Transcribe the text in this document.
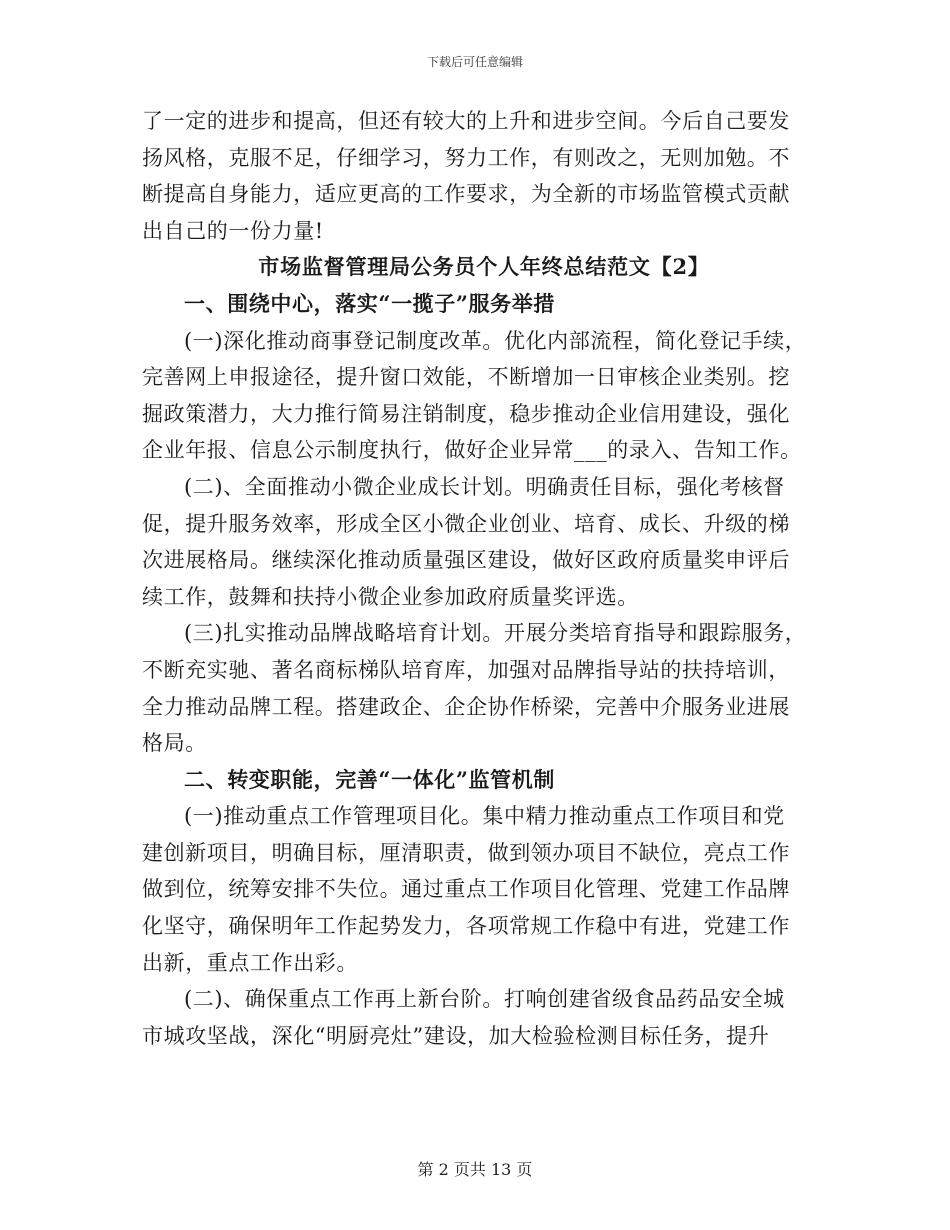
下载后可任意编辑
了一定的进步和提高，但还有较大的上升和进步空间。今后自己要发
扬风格，克服不足，仔细学习，努力工作，有则改之，无则加勉。不
断提高自身能力，适应更高的工作要求，为全新的市场监管模式贡献
出自己的一份力量!
市场监督管理局公务员个人年终总结范文【2】
一、围绕中心，落实“一揽子”服务举措
(一)深化推动商事登记制度改革。优化内部流程，简化登记手续，
完善网上申报途径，提升窗口效能，不断增加一日审核企业类别。挖
掘政策潜力，大力推行简易注销制度，稳步推动企业信用建设，强化
企业年报、信息公示制度执行，做好企业异常___的录入、告知工作。
(二)、全面推动小微企业成长计划。明确责任目标，强化考核督
促，提升服务效率，形成全区小微企业创业、培育、成长、升级的梯
次进展格局。继续深化推动质量强区建设，做好区政府质量奖申评后
续工作，鼓舞和扶持小微企业参加政府质量奖评选。
(三)扎实推动品牌战略培育计划。开展分类培育指导和跟踪服务，
不断充实驰、著名商标梯队培育库，加强对品牌指导站的扶持培训，
全力推动品牌工程。搭建政企、企企协作桥梁，完善中介服务业进展
格局。
二、转变职能，完善“一体化”监管机制
(一)推动重点工作管理项目化。集中精力推动重点工作项目和党
建创新项目，明确目标，厘清职责，做到领办项目不缺位，亮点工作
做到位，统筹安排不失位。通过重点工作项目化管理、党建工作品牌
化坚守，确保明年工作起势发力，各项常规工作稳中有进，党建工作
出新，重点工作出彩。
(二)、确保重点工作再上新台阶。打响创建省级食品药品安全城
市城攻坚战，深化“明厨亮灶”建设，加大检验检测目标任务，提升
第 2 页共 13 页
